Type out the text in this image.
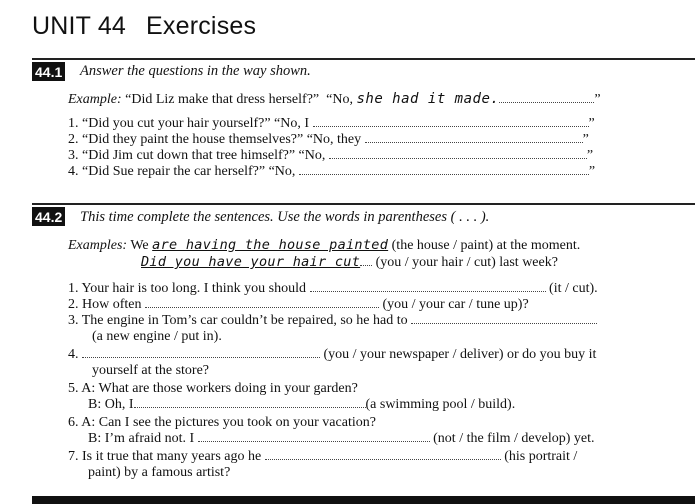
UNIT 44 Exercises
44.1 Answer the questions in the way shown.
Example: “Did Liz make that dress herself?” “No, she had it made.	”
1. “Did you cut your hair yourself?” “No, I	”
2. “Did they paint the house themselves?” “No, they	”
3. “Did Jim cut down that tree himself?” “No,	”
4. “Did Sue repair the car herself?” “No,	”
44.2 This time complete the sentences. Use the words in parentheses ( . . . ).
Examples: We are having the house painted (the house / paint) at the moment.
Did you have your hair cut (you / your hair / cut) last week?
1. Your hair is too long. I think you should	(it / cut).
2. How often	(you / your car / tune up)?
3. The engine in Tom’s car couldn’t be repaired, so he had to
(a new engine / put in).
4.	(you / your newspaper / deliver) or do you buy it
yourself at the store?
5. A: What are those workers doing in your garden?
B: Oh, I	(a swimming pool / build).
6. A: Can I see the pictures you took on your vacation?
B: I’m afraid not. I	(not / the film / develop) yet.
7. Is it true that many years ago he	(his portrait /
paint) by a famous artist?
